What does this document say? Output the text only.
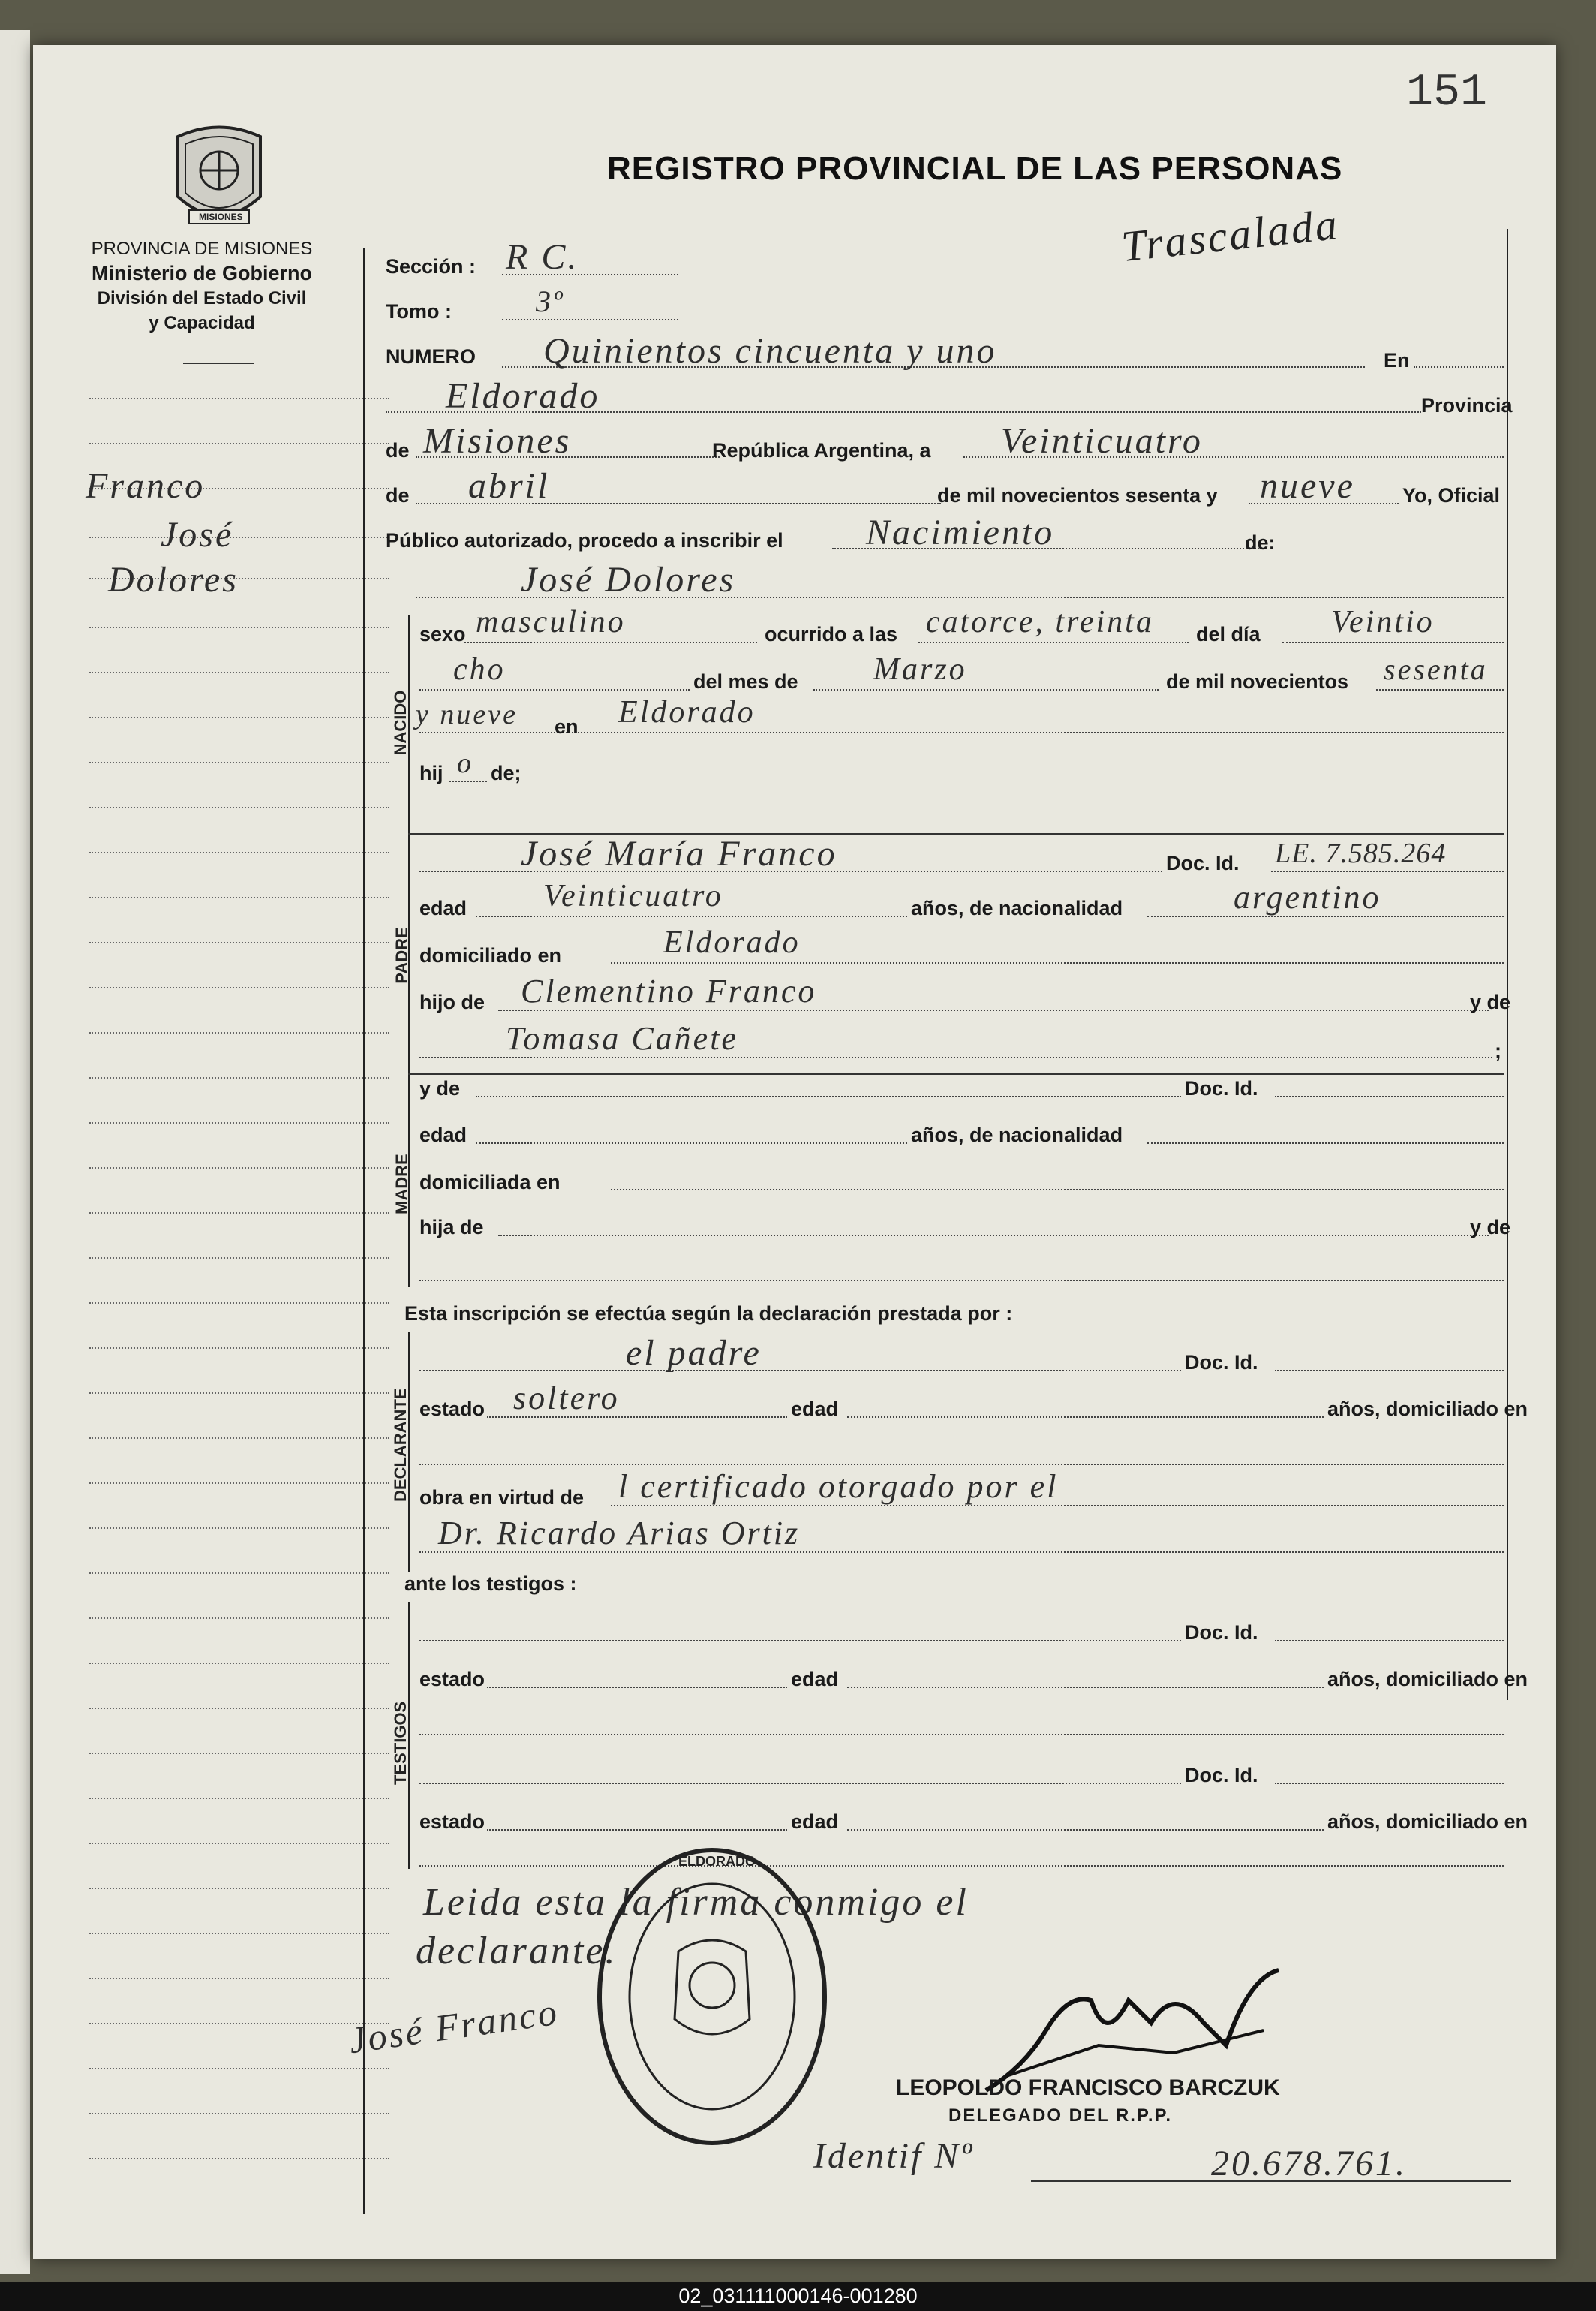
151
MISIONES
PROVINCIA DE MISIONES
Ministerio de Gobierno
División del Estado Civil
y Capacidad
REGISTRO PROVINCIAL DE LAS PERSONAS
Trascalada
Franco
José
Dolores
Sección : R C.
Tomo :	3º
NUMERO Quinientos cincuenta y uno	En
Eldorado	Provincia
de Misiones	República Argentina, a Veinticuatro
de abril	de mil novecientos sesenta y nueve Yo, Oficial
Público autorizado, procedo a inscribir el Nacimiento	de:
José Dolores
NACIDO
sexo masculino	ocurrido a las catorce, treinta del día Veintio
cho	del mes de Marzo	de mil novecientos sesenta
y nueve en Eldorado
hij o de;
PADRE
José María Franco	Doc. Id. LE. 7.585.264
edad Veinticuatro	años, de nacionalidad	argentino
domiciliado en	Eldorado
hijo de Clementino Franco	y de
Tomasa Cañete	;
MADRE
y de	Doc. Id.
edad	años, de nacionalidad
domiciliada en
hija de	y de
Esta inscripción se efectúa según la declaración prestada por :
DECLARANTE
el padre	Doc. Id.
estado soltero	edad	años, domiciliado en
obra en virtud de l certificado otorgado por el
Dr. Ricardo Arias Ortiz
ante los testigos :
TESTIGOS
Doc. Id.
estado	edad	años, domiciliado en
Doc. Id.
estado	edad	años, domiciliado en
Leida esta la firma conmigo el
declarante.
ELDORADO
José Franco
LEOPOLDO FRANCISCO BARCZUK
DELEGADO DEL R.P.P.
Identif Nº	20.678.761.
02_031111000146-001280
